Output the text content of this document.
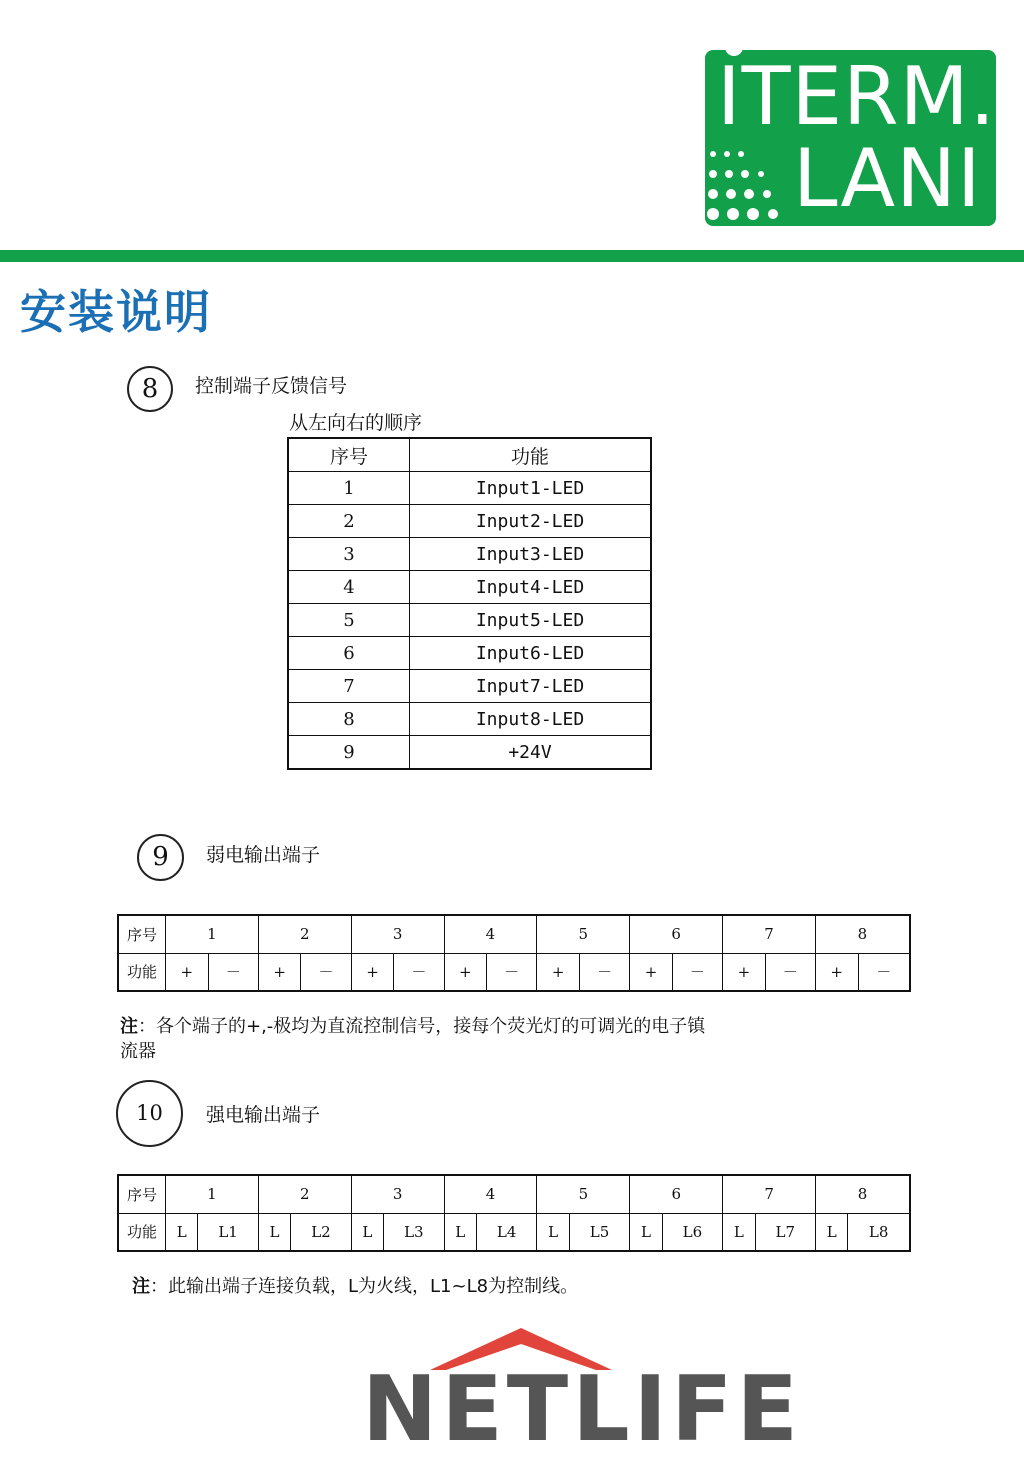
ITERM.
LANI
安装说明
8	控制端子反馈信号
从左向右的顺序
序号	功能
1	Input1-LED
2	Input2-LED
3	Input3-LED
4	Input4-LED
5	Input5-LED
6	Input6-LED
7	Input7-LED
8	Input8-LED
9	+24V
9	弱电输出端子
序号	1		2		3		4		5		6		7		8	
功能	+	－	+	－	+	－	+	－	+	－	+	－	+	－	+	－
注：各个端子的+,-极均为直流控制信号，接每个荧光灯的可调光的电子镇
流器
10	强电输出端子
序号	1		2		3		4		5		6		7		8	
功能	L	L1	L	L2	L	L3	L	L4	L	L5	L	L6	L	L7	L	L8
注：此输出端子连接负载，L为火线，L1~L8为控制线。
NETLIFE
